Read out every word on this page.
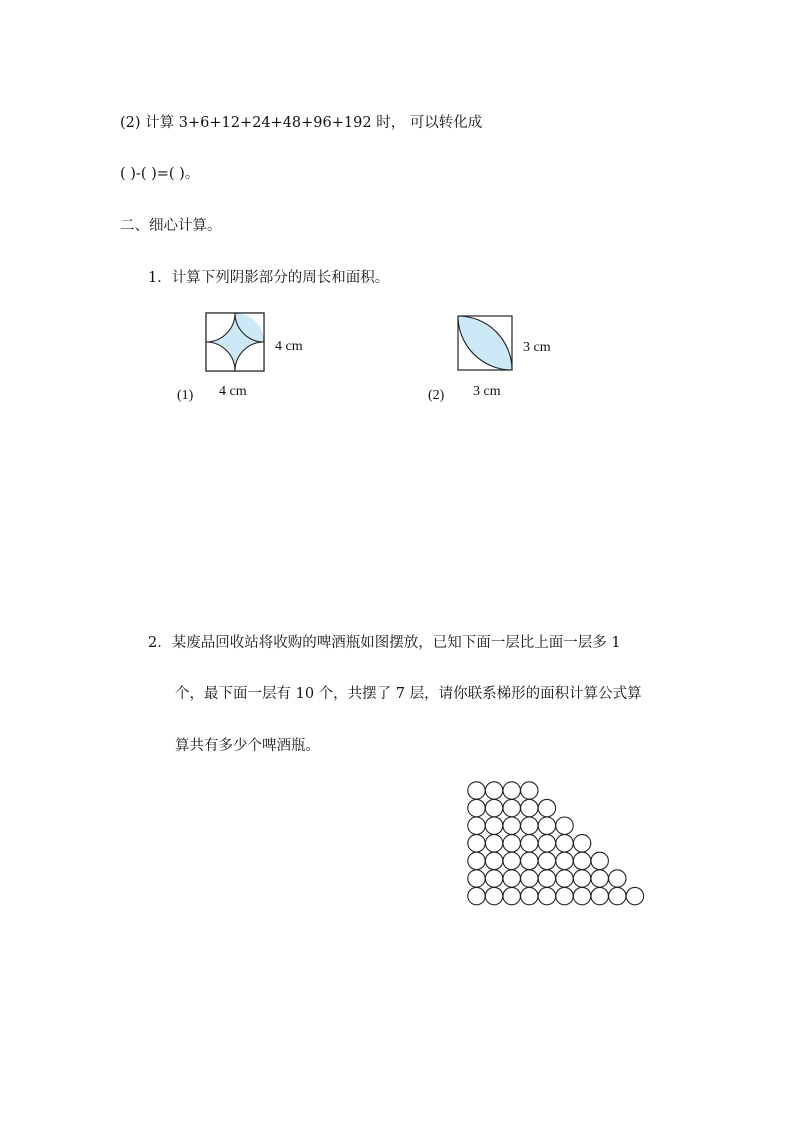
(2) 计算 3+6+12+24+48+96+192 时， 可以转化成
( )-( )=( )。
二、细心计算。
1．计算下列阴影部分的周长和面积。
4 cm
4 cm
(1)
3 cm
3 cm
(2)
2．某废品回收站将收购的啤酒瓶如图摆放，已知下面一层比上面一层多 1
个，最下面一层有 10 个，共摆了 7 层，请你联系梯形的面积计算公式算
算共有多少个啤酒瓶。
